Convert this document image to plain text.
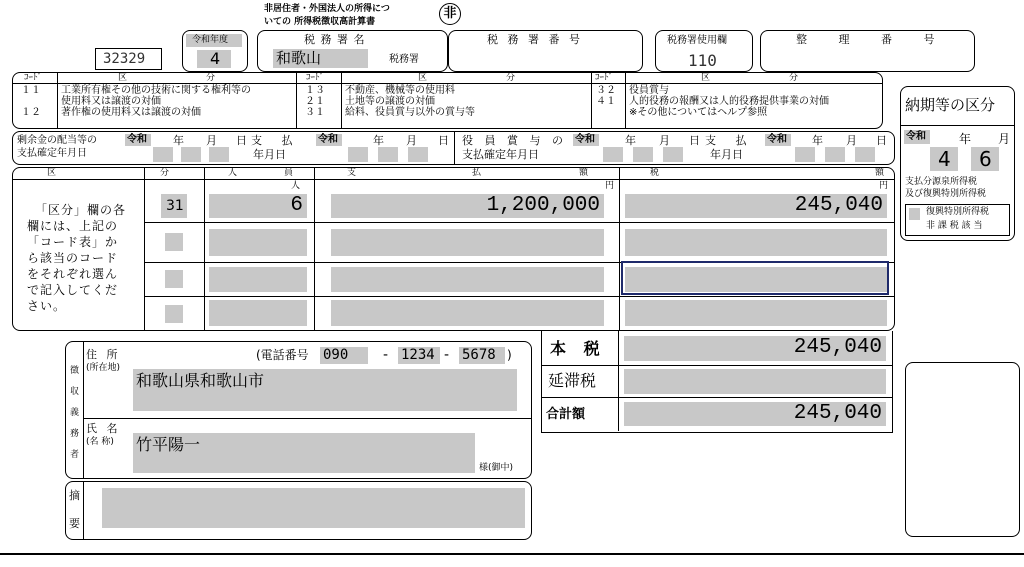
非居住者・外国法人の所得につ
いての 所得税徴収高計算書
非
32329
令和年度
4
税 務 署 名
和歌山	税務署
税 務 署 番 号	税務署使用欄
110
整 理 番 号
ｺｰﾄﾞ	区	分	ｺｰﾄﾞ	区	分	ｺｰﾄﾞ	区	分
１１ 工業所有権その他の技術に関する権利等の
使用料又は譲渡の対価
１２ 著作権の使用料又は譲渡の対価
１３ 不動産、機械等の使用料
２１ 土地等の譲渡の対価
３１ 給料、役員賞与以外の賞与等
３２ 役員賞与
４１ 人的役務の報酬又は人的役務提供事業の対価
※その他についてはヘルプ参照
剰余金の配当等の
支払確定年月日
令和 年 月 日 支 払
年月日
令和	年 月 日 役 員 賞 与 の
支払確定年月日
令和	年 月 日 支 払
年月日
令和 年 月 日
納期等の区分
令和	年 月
4 6
支払分源泉所得税
及び復興特別所得税
復興特別所得税
非 課 税 該 当
区	分	人	員	支	払	額	税	額
人	円	円
「区分」欄の各
欄には、上記の
「コード表」か
ら該当のコード
をそれぞれ選ん
で記入してくだ
さい。
31	6	1,200,000	245,040
本 税	245,040
延滞税
合計額	245,040
徴
収
義
務
者
住 所
(所在地)
(電話番号 090 - 1234 - 5678 )
和歌山県和歌山市
氏 名
(名 称) 竹平陽一
様(御中)
摘
要
